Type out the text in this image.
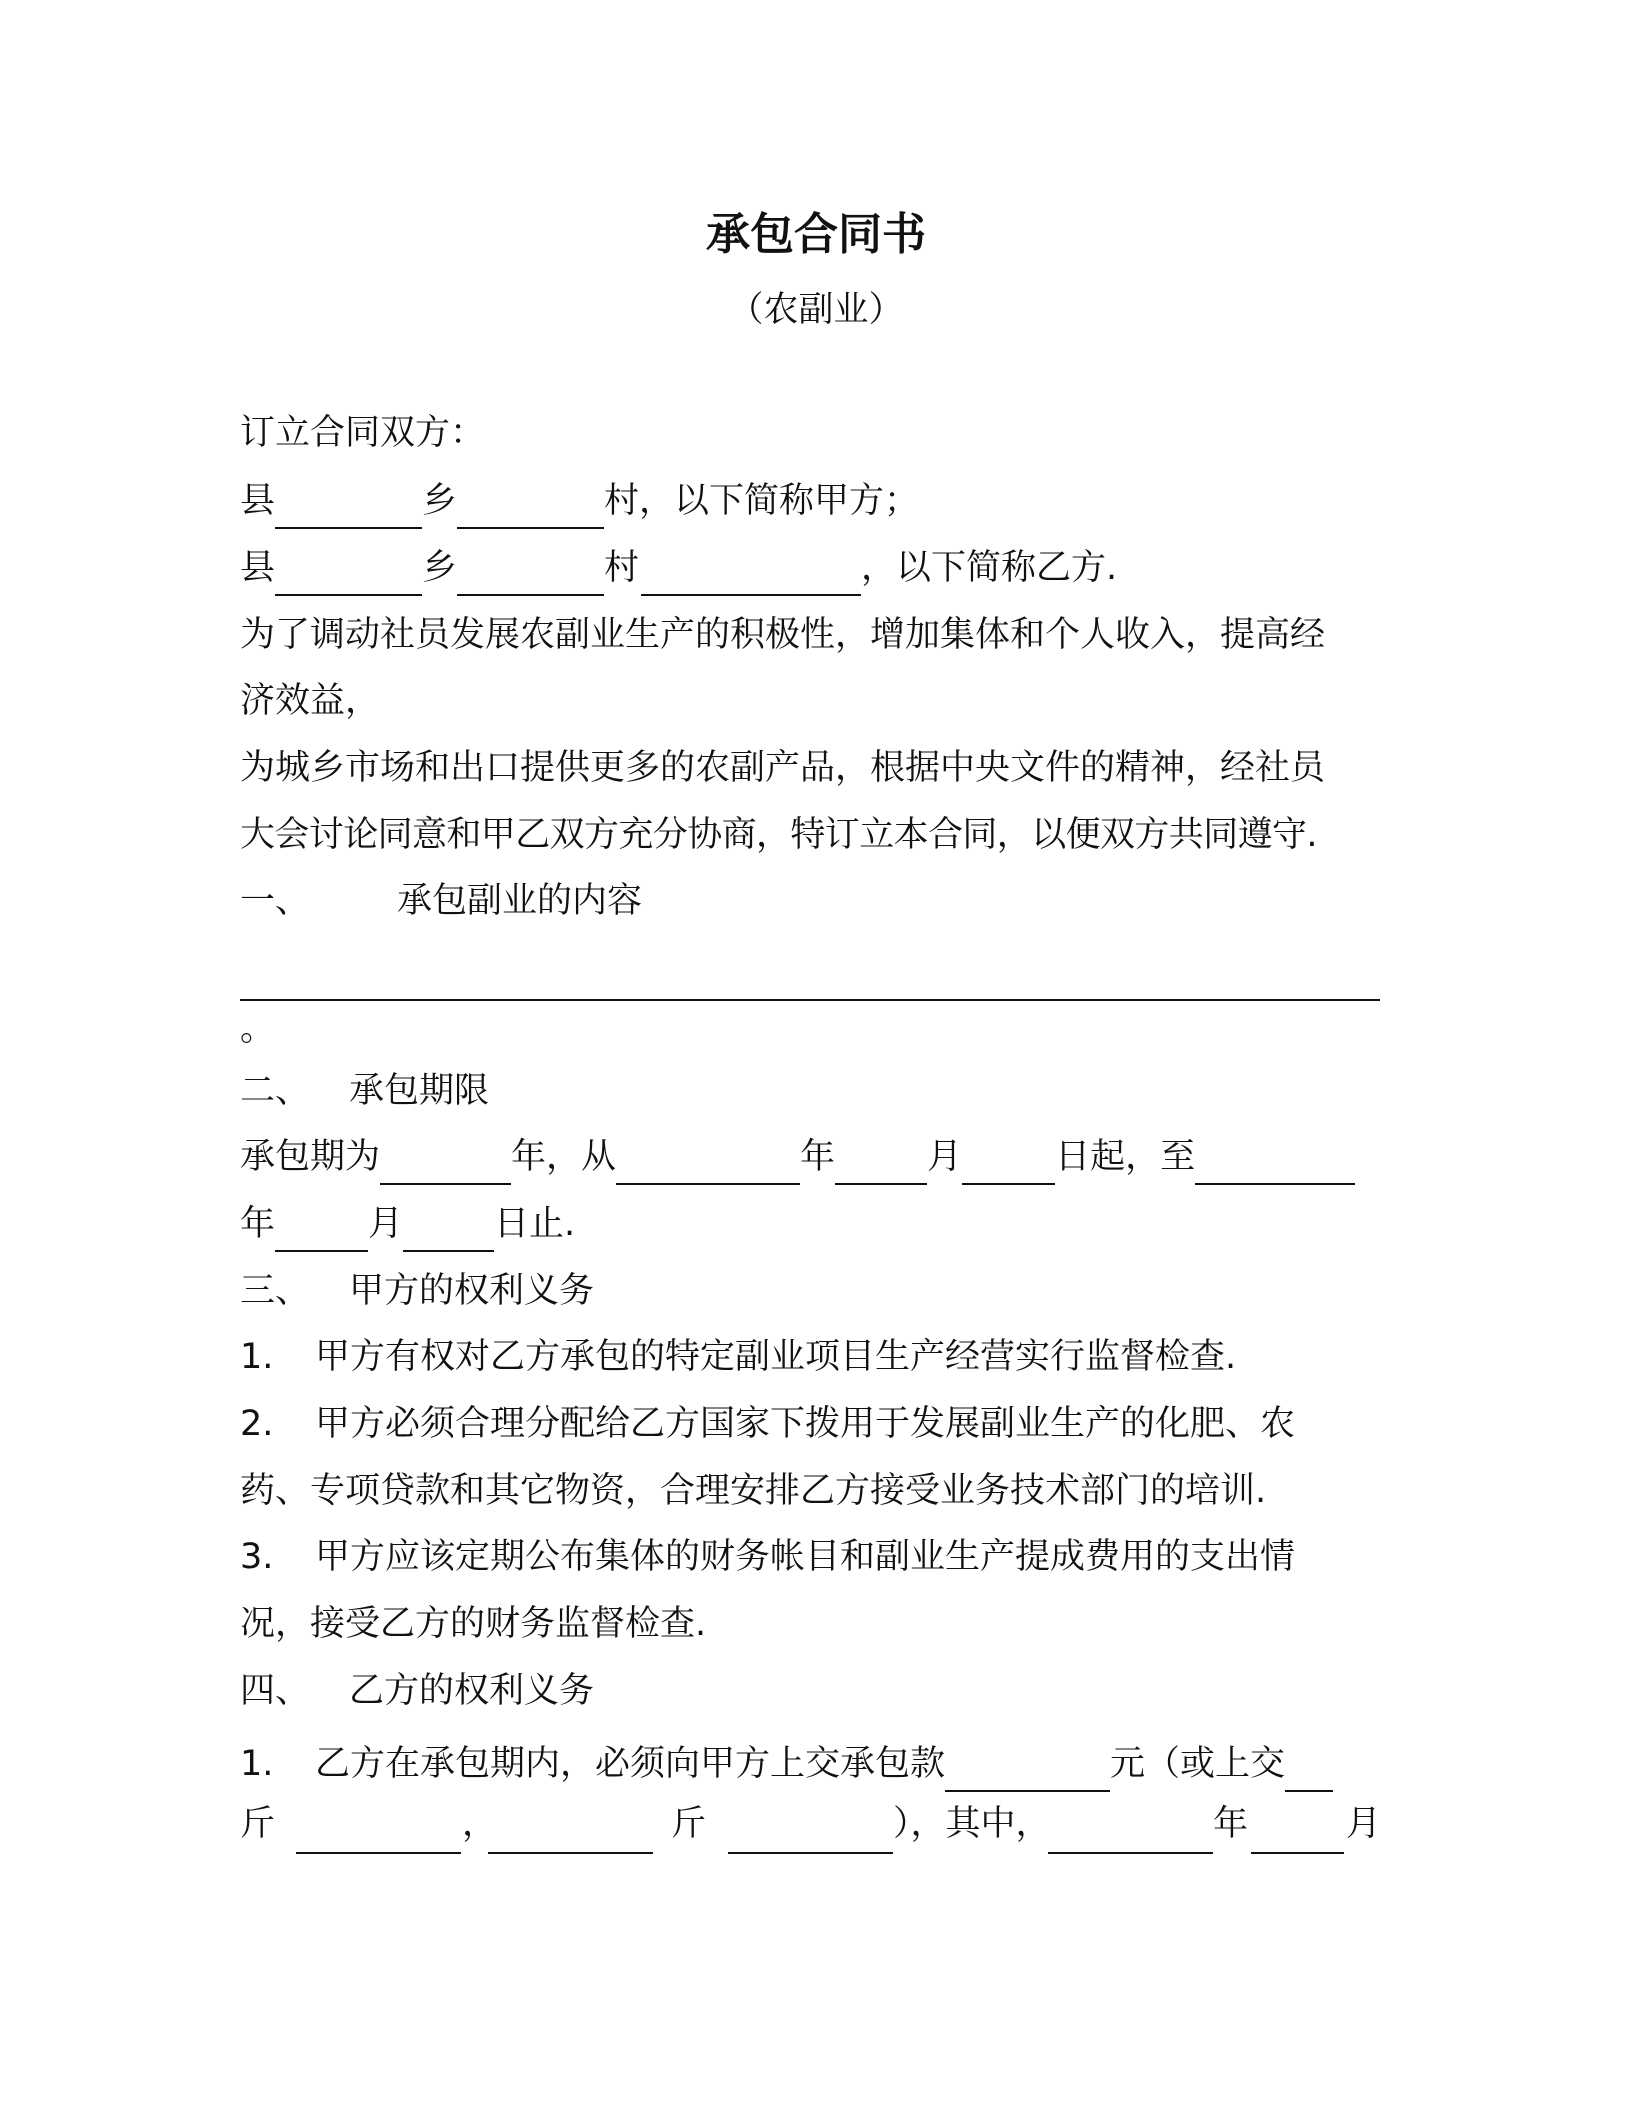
承包合同书
（农副业）
订立合同双方：
县	乡	村，以下简称甲方；
县	乡	村	，以下简称乙方.
为了调动社员发展农副业生产的积极性，增加集体和个人收入，提高经
济效益，
为城乡市场和出口提供更多的农副产品，根据中央文件的精神，经社员
大会讨论同意和甲乙双方充分协商，特订立本合同，以便双方共同遵守.
一、 承包副业的内容
。
二、 承包期限
承包期为	年，从	年	月	日起，至
年	月	日止.
三、 甲方的权利义务
1. 甲方有权对乙方承包的特定副业项目生产经营实行监督检查.
2. 甲方必须合理分配给乙方国家下拨用于发展副业生产的化肥、农
药、专项贷款和其它物资，合理安排乙方接受业务技术部门的培训.
3. 甲方应该定期公布集体的财务帐目和副业生产提成费用的支出情
况，接受乙方的财务监督检查.
四、 乙方的权利义务
1. 乙方在承包期内，必须向甲方上交承包款	元（或上交
斤	，	斤	），其中，	年	月
